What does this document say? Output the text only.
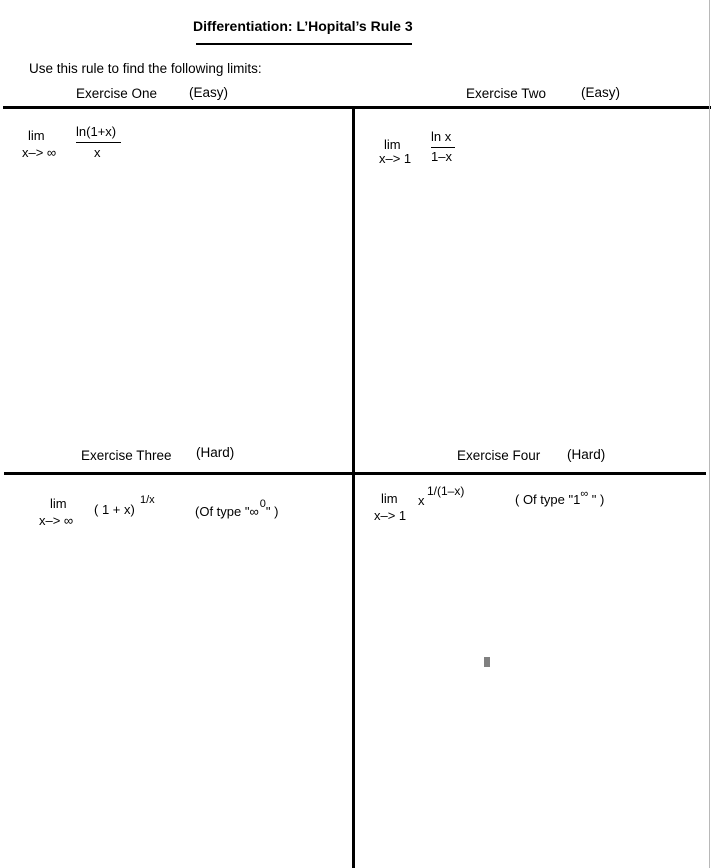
Differentiation: L’Hopital’s Rule 3
Use this rule to find the following limits:
Exercise One (Easy)	Exercise Two	(Easy)
Exercise Three (Hard)	Exercise Four (Hard)
lim
x–> ∞
ln(1+x)
x
lim
x–> 1
ln x
1–x
lim
x–> ∞
( 1 + x)
1/x
(Of type "∞$^0$" )
lim
x–> 1
x
1/(1–x)
( Of type "1∞ " )
